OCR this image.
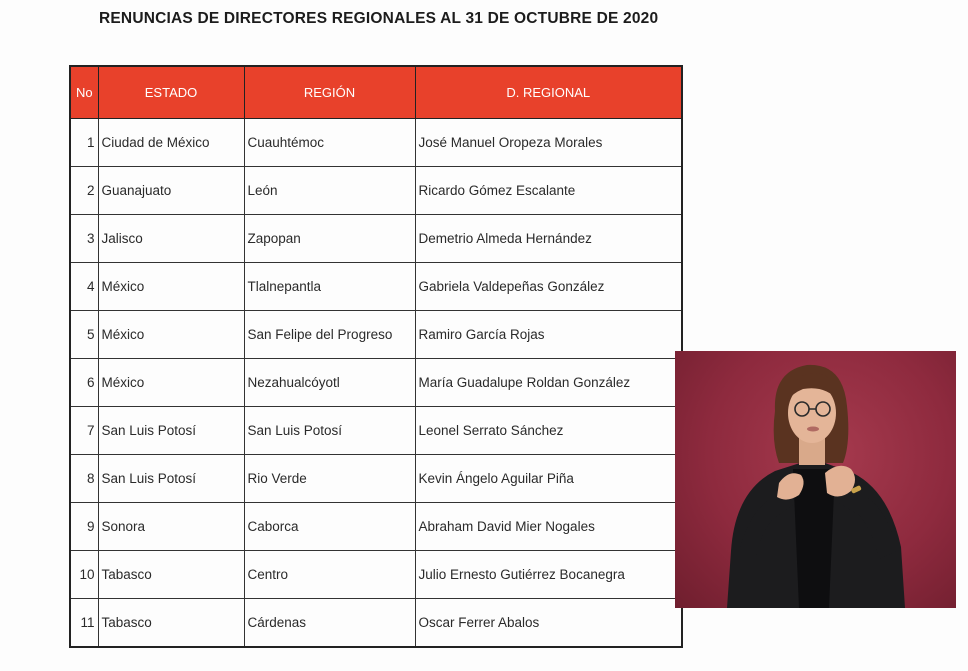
RENUNCIAS DE DIRECTORES REGIONALES AL 31 DE OCTUBRE DE 2020
No	ESTADO	REGIÓN	D. REGIONAL
1	Ciudad de México	Cuauhtémoc	José Manuel Oropeza Morales
2	Guanajuato	León	Ricardo Gómez Escalante
3	Jalisco	Zapopan	Demetrio Almeda Hernández
4	México	Tlalnepantla	Gabriela Valdepeñas González
5	México	San Felipe del Progreso	Ramiro García Rojas
6	México	Nezahualcóyotl	María Guadalupe Roldan González
7	San Luis Potosí	San Luis Potosí	Leonel Serrato Sánchez
8	San Luis Potosí	Rio Verde	Kevin Ángelo Aguilar Piña
9	Sonora	Caborca	Abraham David Mier Nogales
10	Tabasco	Centro	Julio Ernesto Gutiérrez Bocanegra
11	Tabasco	Cárdenas	Oscar Ferrer Abalos
